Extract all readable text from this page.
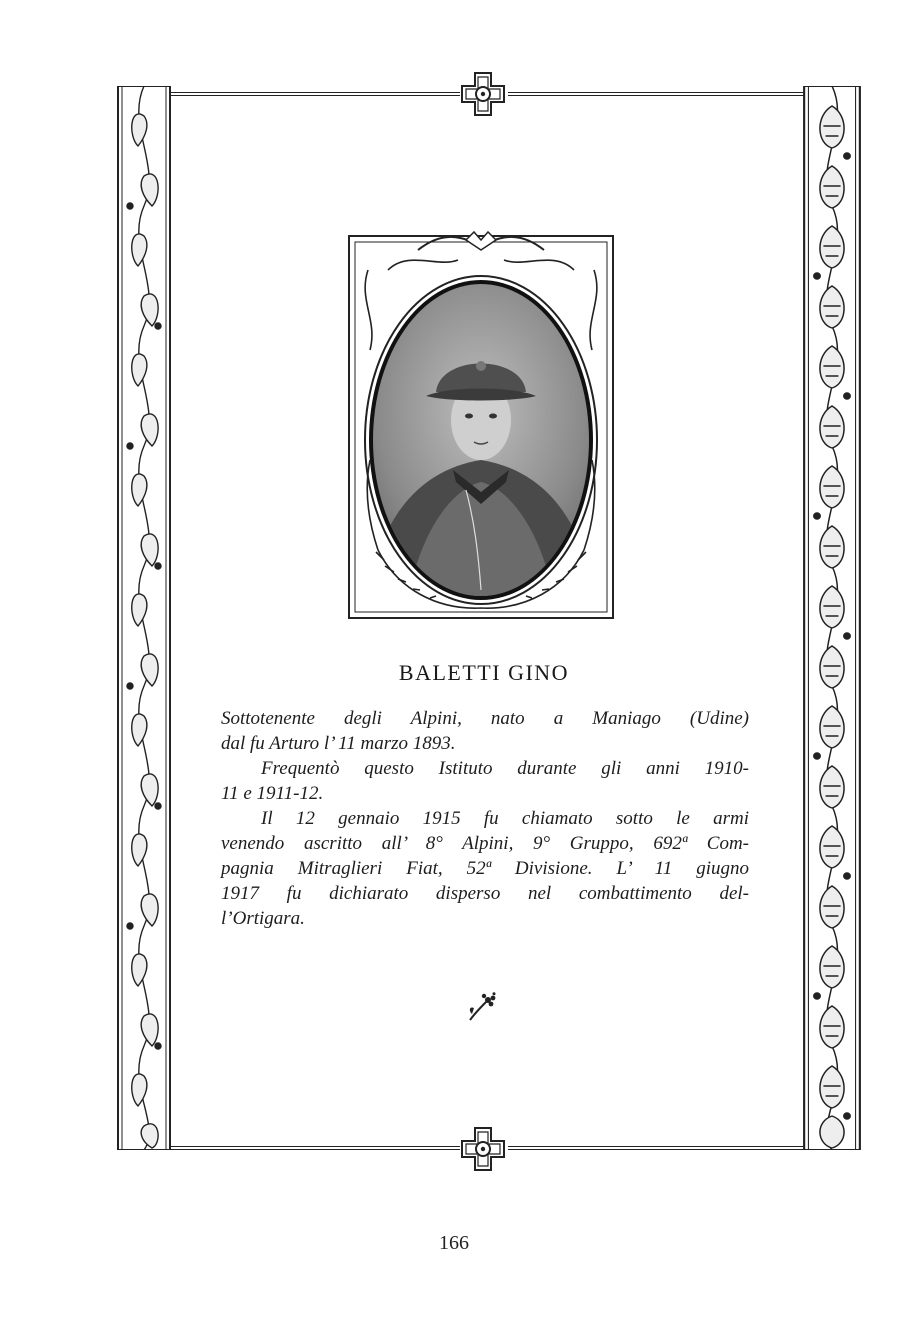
BALETTI GINO

Sottotenente degli Alpini, nato a Maniago (Udine)
dal fu Arturo l’ 11 marzo 1893.

Frequentò questo Istituto durante gli anni 1910-
11 e 1911-12.

Il 12 gennaio 1915 fu chiamato sotto le armi
venendo ascritto all’ 8° Alpini, 9° Gruppo, 692ª Com-
pagnia Mitraglieri Fiat, 52ª Divisione. L’ 11 giugno
1917 fu dichiarato disperso nel combattimento del-
l’Ortigara.

166
